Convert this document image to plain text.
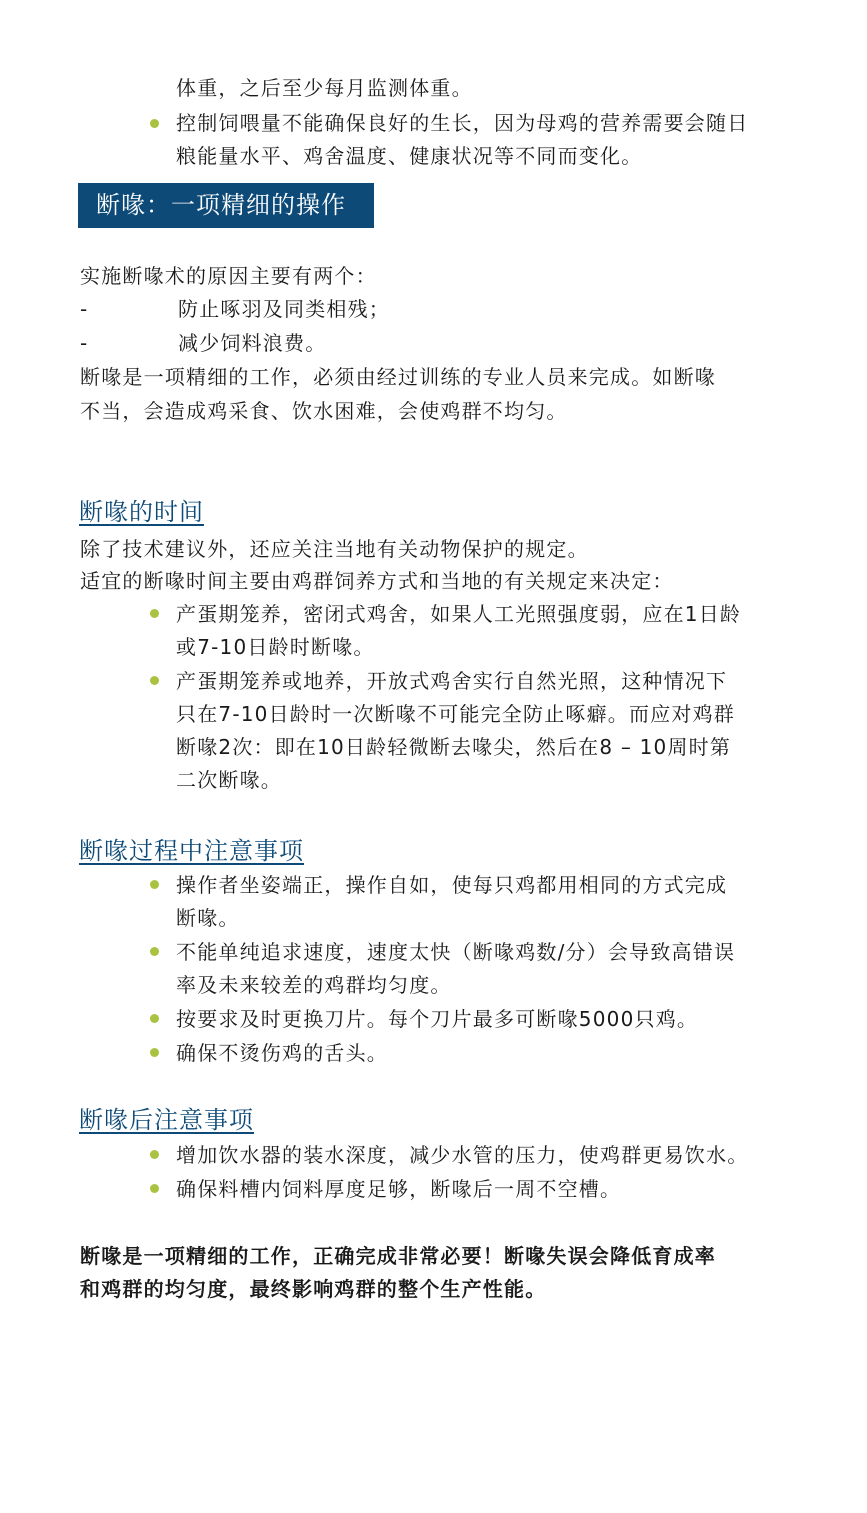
体重，之后至少每月监测体重。
控制饲喂量不能确保良好的生长，因为母鸡的营养需要会随日
粮能量水平、鸡舍温度、健康状况等不同而变化。
断喙：一项精细的操作
实施断喙术的原因主要有两个：
-	防止啄羽及同类相残；
-	减少饲料浪费。
断喙是一项精细的工作，必须由经过训练的专业人员来完成。如断喙
不当，会造成鸡采食、饮水困难，会使鸡群不均匀。
断喙的时间
除了技术建议外，还应关注当地有关动物保护的规定。
适宜的断喙时间主要由鸡群饲养方式和当地的有关规定来决定：
产蛋期笼养，密闭式鸡舍，如果人工光照强度弱，应在1日龄
或7-10日龄时断喙。
产蛋期笼养或地养，开放式鸡舍实行自然光照，这种情况下
只在7-10日龄时一次断喙不可能完全防止啄癖。而应对鸡群
断喙2次：即在10日龄轻微断去喙尖，然后在8 – 10周时第
二次断喙。
断喙过程中注意事项
操作者坐姿端正，操作自如，使每只鸡都用相同的方式完成
断喙。
不能单纯追求速度，速度太快（断喙鸡数/分）会导致高错误
率及未来较差的鸡群均匀度。
按要求及时更换刀片。每个刀片最多可断喙5000只鸡。
确保不烫伤鸡的舌头。
断喙后注意事项
增加饮水器的装水深度，减少水管的压力，使鸡群更易饮水。
确保料槽内饲料厚度足够，断喙后一周不空槽。
断喙是一项精细的工作，正确完成非常必要！断喙失误会降低育成率
和鸡群的均匀度，最终影响鸡群的整个生产性能。
